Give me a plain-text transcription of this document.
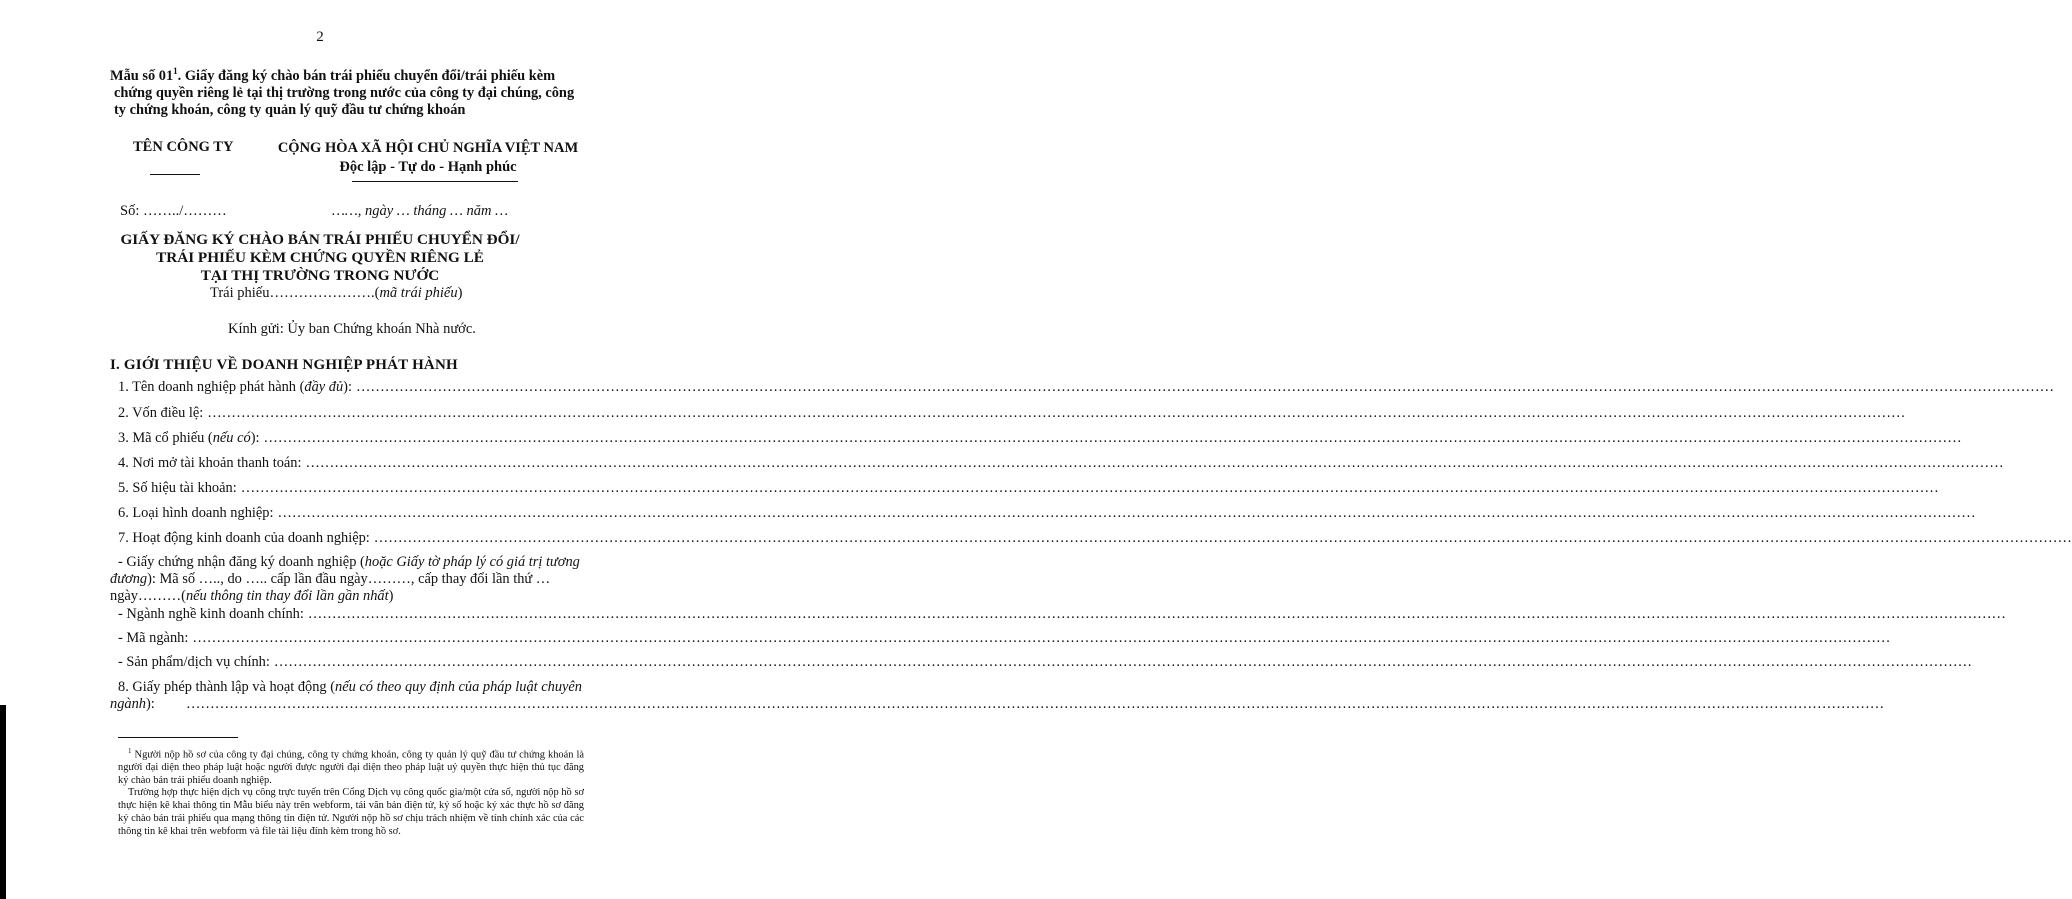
2
Mẫu số $01^1$. Giấy đăng ký chào bán trái phiếu chuyển đổi/trái phiếu kèm chứng quyền riêng lẻ tại thị trường trong nước của công ty đại chúng, công ty chứng khoán, công ty quản lý quỹ đầu tư chứng khoán
TÊN CÔNG TY	CỘNG HÒA XÃ HỘI CHỦ NGHĨA VIỆT NAM
Độc lập - Tự do - Hạnh phúc
Số: ……../………	……, ngày … tháng … năm …
GIẤY ĐĂNG KÝ CHÀO BÁN TRÁI PHIẾU CHUYỂN ĐỔI/
TRÁI PHIẾU KÈM CHỨNG QUYỀN RIÊNG LẺ
TẠI THỊ TRƯỜNG TRONG NƯỚC
Trái phiếu………………….(mã trái phiếu)
Kính gửi: Ủy ban Chứng khoán Nhà nước.
I. GIỚI THIỆU VỀ DOANH NGHIỆP PHÁT HÀNH
1. Tên doanh nghiệp phát hành (đầy đủ): …………………………………………………………………………………………………………………………………………………………………………………………………………………………………………………………………………………………………………………………
2. Vốn điều lệ: …………………………………………………………………………………………………………………………………………………………………………………………………………………………………………………………………………………………………………………………
3. Mã cổ phiếu (nếu có): …………………………………………………………………………………………………………………………………………………………………………………………………………………………………………………………………………………………………………………………
4. Nơi mở tài khoản thanh toán: …………………………………………………………………………………………………………………………………………………………………………………………………………………………………………………………………………………………………………………………
5. Số hiệu tài khoản: …………………………………………………………………………………………………………………………………………………………………………………………………………………………………………………………………………………………………………………………
6. Loại hình doanh nghiệp: …………………………………………………………………………………………………………………………………………………………………………………………………………………………………………………………………………………………………………………………
7. Hoạt động kinh doanh của doanh nghiệp: …………………………………………………………………………………………………………………………………………………………………………………………………………………………………………………………………………………………………………………………
- Giấy chứng nhận đăng ký doanh nghiệp (hoặc Giấy tờ pháp lý có giá trị tương đương): Mã số ….., do ….. cấp lần đầu ngày………, cấp thay đổi lần thứ … ngày………(nếu thông tin thay đổi lần gần nhất)
- Ngành nghề kinh doanh chính: …………………………………………………………………………………………………………………………………………………………………………………………………………………………………………………………………………………………………………………………
- Mã ngành: …………………………………………………………………………………………………………………………………………………………………………………………………………………………………………………………………………………………………………………………
- Sản phẩm/dịch vụ chính: …………………………………………………………………………………………………………………………………………………………………………………………………………………………………………………………………………………………………………………………
8. Giấy phép thành lập và hoạt động (nếu có theo quy định của pháp luật chuyên ngành):	…………………………………………………………………………………………………………………………………………………………………………………………………………………………………………………………………………………………………………………………
$^1$ Người nộp hồ sơ của công ty đại chúng, công ty chứng khoán, công ty quản lý quỹ đầu tư chứng khoán là người đại diện theo pháp luật hoặc người được người đại diện theo pháp luật uỷ quyền thực hiện thủ tục đăng ký chào bán trái phiếu doanh nghiệp.
Trường hợp thực hiện dịch vụ công trực tuyến trên Cổng Dịch vụ công quốc gia/một cửa số, người nộp hồ sơ thực hiện kê khai thông tin Mẫu biểu này trên webform, tải văn bản điện tử, ký số hoặc ký xác thực hồ sơ đăng ký chào bán trái phiếu qua mạng thông tin điện tử. Người nộp hồ sơ chịu trách nhiệm về tính chính xác của các thông tin kê khai trên webform và file tài liệu đính kèm trong hồ sơ.
